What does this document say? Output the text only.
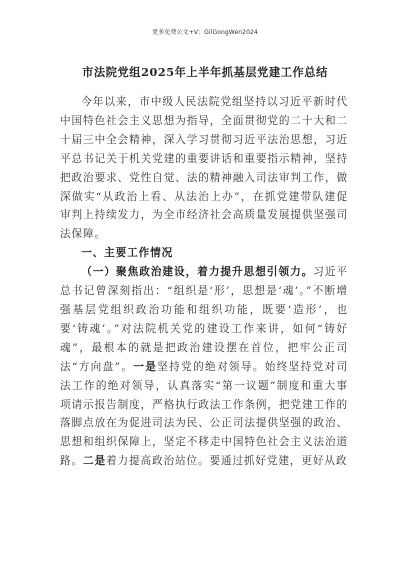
更多免费公文+V：GilGongWen2024
市法院党组2025年上半年抓基层党建工作总结

今年以来，市中级人民法院党组坚持以习近平新时代中国特色社会主义思想为指导，全面贯彻党的二十大和二十届三中全会精神，深入学习贯彻习近平法治思想，习近平总书记关于机关党建的重要讲话和重要指示精神，坚持把政治要求、党性自觉、法的精神融入司法审判工作，做深做实“从政治上看、从法治上办”，在抓党建带队建促审判上持续发力，为全市经济社会高质量发展提供坚强司法保障。

一、主要工作情况

（一）聚焦政治建设，着力提升思想引领力。习近平总书记曾深刻指出：“组织是‘形’，思想是‘魂’。”不断增强基层党组织政治功能和组织功能，既要‘造形’，也要‘铸魂’。”对法院机关党的建设工作来讲，如何“铸好魂”，最根本的就是把政治建设摆在首位，把牢公正司法“方向盘”。一是坚持党的绝对领导。始终坚持党对司法工作的绝对领导，认真落实“第一议题”制度和重大事项请示报告制度，严格执行政法工作条例，把党建工作的落脚点放在为促进司法为民、公正司法提供坚强的政治、思想和组织保障上，坚定不移走中国特色社会主义法治道路。二是着力提高政治站位。要通过抓好党建，更好从政
